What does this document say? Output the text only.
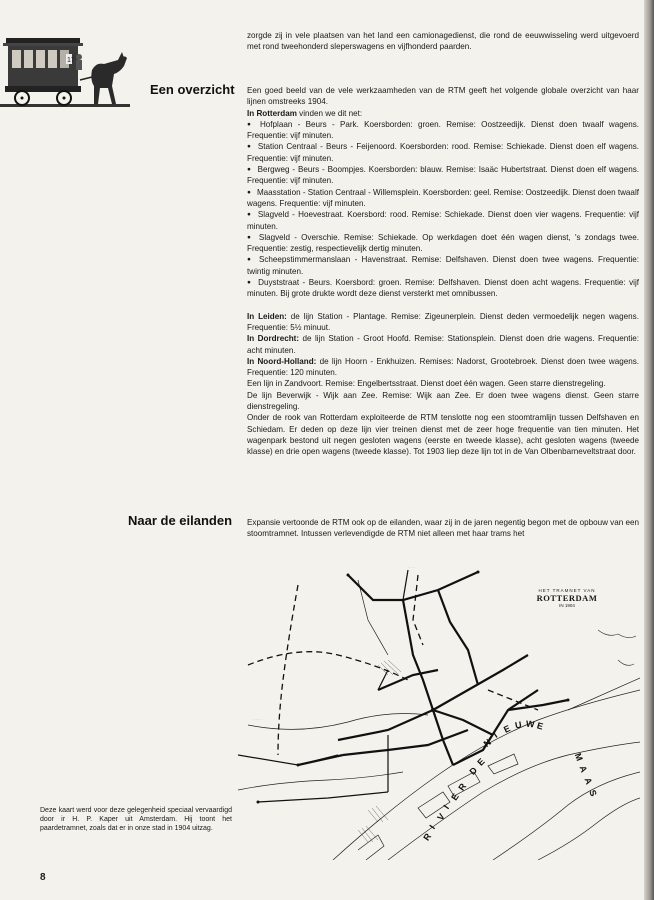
17

zorgde zij in vele plaatsen van het land een camionagedienst, die rond de eeuwwisseling werd uitgevoerd met rond tweehonderd sleperswagens en vijfhonderd paarden.

Een overzicht Een goed beeld van de vele werkzaamheden van de RTM geeft het volgende globale overzicht van haar lijnen omstreeks 1904.

In Rotterdam vinden we dit net:

● Hofplaan - Beurs - Park. Koersborden: groen. Remise: Oostzeedijk. Dienst doen twaalf wagens. Frequentie: vijf minuten.

● Station Centraal - Beurs - Feijenoord. Koersborden: rood. Remise: Schiekade. Dienst doen elf wagens. Frequentie: vijf minuten.

● Bergweg - Beurs - Boompjes. Koersborden: blauw. Remise: Isaäc Hubertstraat. Dienst doen elf wagens. Frequentie: vijf minuten.

● Maasstation - Station Centraal - Willemsplein. Koersborden: geel. Remise: Oostzeedijk. Dienst doen twaalf wagens. Frequentie: vijf minuten.

● Slagveld - Hoevestraat. Koersbord: rood. Remise: Schiekade. Dienst doen vier wagens. Frequentie: vijf minuten.

● Slagveld - Overschie. Remise: Schiekade. Op werkdagen doet één wagen dienst, 's zondags twee. Frequentie: zestig, respectievelijk dertig minuten.

● Scheepstimmermanslaan - Havenstraat. Remise: Delfshaven. Dienst doen twee wagens. Frequentie: twintig minuten.

● Duyststraat - Beurs. Koersbord: groen. Remise: Delfshaven. Dienst doen acht wagens. Frequentie: vijf minuten. Bij grote drukte wordt deze dienst versterkt met omnibussen.

In Leiden: de lijn Station - Plantage. Remise: Zigeunerplein. Dienst deden vermoedelijk negen wagens. Frequentie: 5½ minuut.

In Dordrecht: de lijn Station - Groot Hoofd. Remise: Stationsplein. Dienst doen drie wagens. Frequentie: acht minuten.

In Noord-Holland: de lijn Hoorn - Enkhuizen. Remises: Nadorst, Grootebroek. Dienst doen twee wagens. Frequentie: 120 minuten.

Een lijn in Zandvoort. Remise: Engelbertsstraat. Dienst doet één wagen. Geen starre dienstregeling.

De lijn Beverwijk - Wijk aan Zee. Remise: Wijk aan Zee. Er doen twee wagens dienst. Geen starre dienstregeling.

Onder de rook van Rotterdam exploiteerde de RTM tenslotte nog een stoomtramlijn tussen Delfshaven en Schiedam. Er deden op deze lijn vier treinen dienst met de zeer hoge frequentie van tien minuten. Het wagenpark bestond uit negen gesloten wagens (eerste en tweede klasse), acht gesloten wagens (tweede klasse) en drie open wagens (tweede klasse). Tot 1903 liep deze lijn tot in de Van Olbenbarneveltstraat door.

Naar de eilanden Expansie vertoonde de RTM ook op de eilanden, waar zij in de jaren negentig begon met de opbouw van een stoomtramnet. Intussen verlevendigde de RTM niet alleen met haar trams het

· · · · · ·
· · · ·
· · ·
HET TRAMNET VAN
ROTTERDAM
IN 1904
R
I
V
I
E
R
D
E
N
I
E U W E
M
A
A
S

Deze kaart werd voor deze gelegenheid speciaal vervaardigd door ir H. P. Kaper uit Amsterdam. Hij toont het paardetramnet, zoals dat er in onze stad in 1904 uitzag.

8
